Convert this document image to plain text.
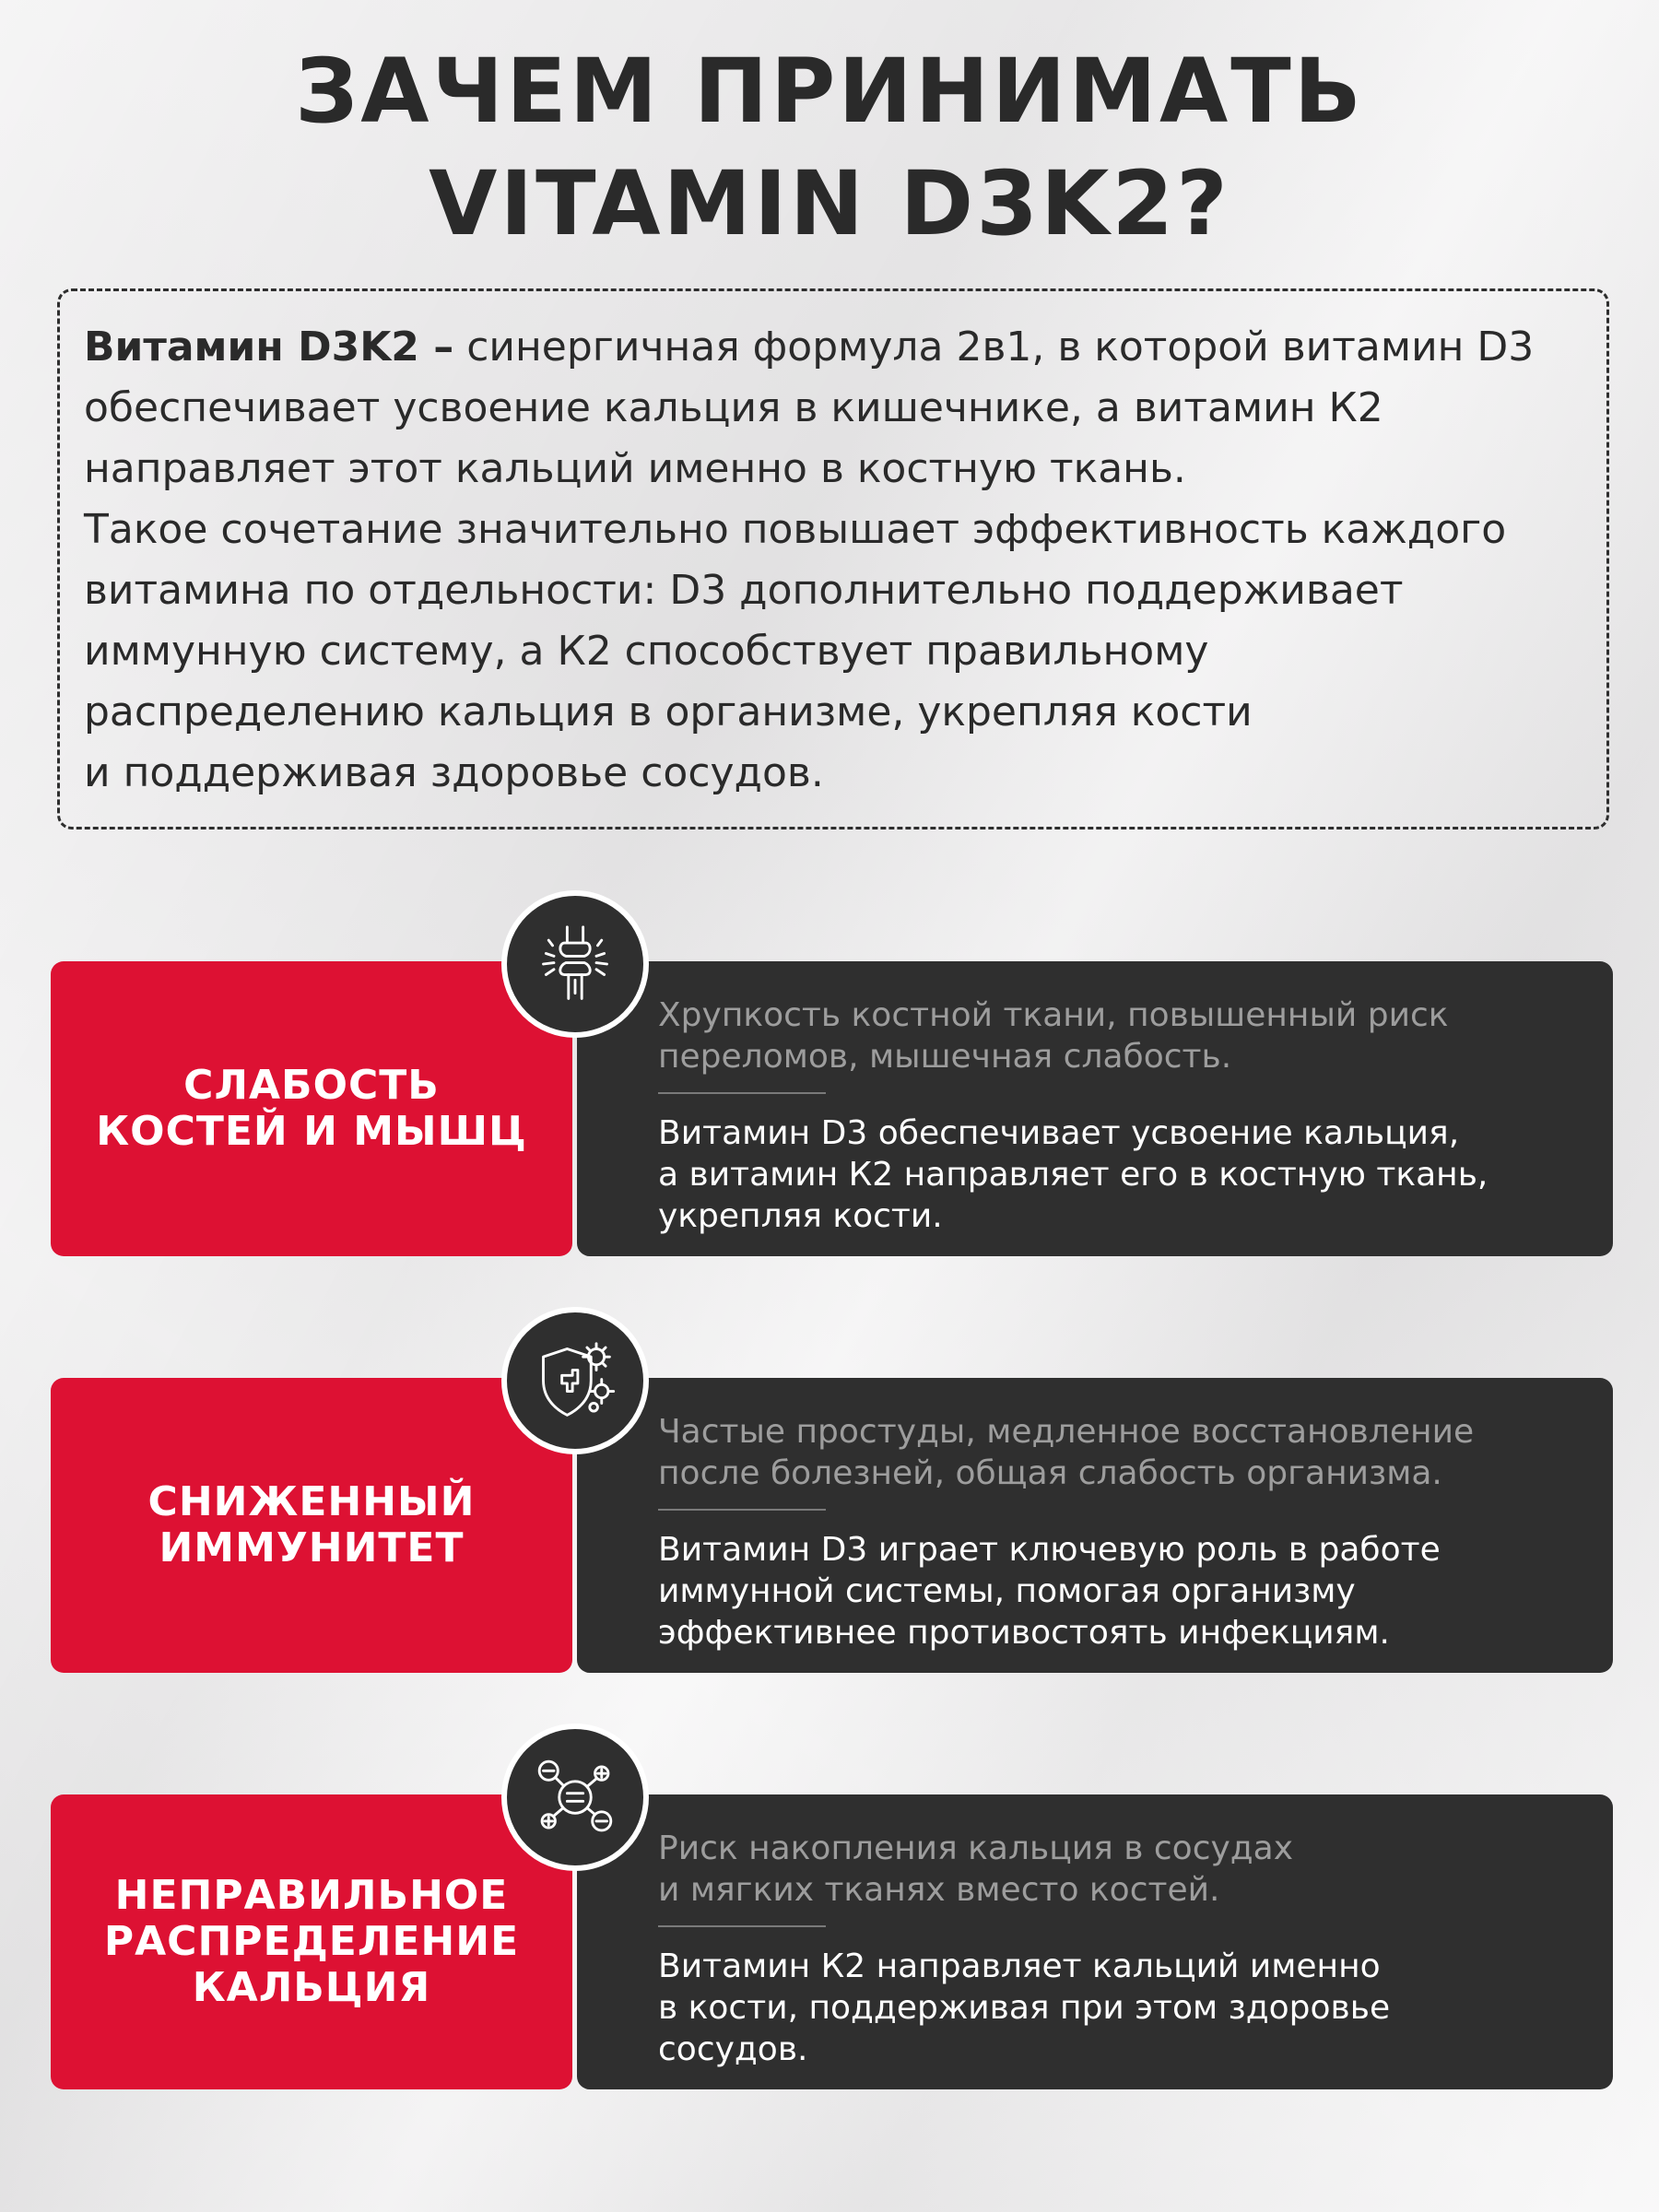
ЗАЧЕМ ПРИНИМАТЬ
VITAMIN D3K2?

Витамин D3K2 – синергичная формула 2в1, в которой витамин D3

обеспечивает усвоение кальция в кишечнике, а витамин К2

направляет этот кальций именно в костную ткань.

Такое сочетание значительно повышает эффективность каждого

витамина по отдельности: D3 дополнительно поддерживает

иммунную систему, а К2 способствует правильному

распределению кальция в организме, укрепляя кости

и поддерживая здоровье сосудов.

СЛАБОСТЬ
КОСТЕЙ И МЫШЦ

Хрупкость костной ткани, повышенный риск
переломов, мышечная слабость.

Витамин D3 обеспечивает усвоение кальция,
а витамин К2 направляет его в костную ткань,
укрепляя кости.

СНИЖЕННЫЙ
ИММУНИТЕТ

Частые простуды, медленное восстановление
после болезней, общая слабость организма.

Витамин D3 играет ключевую роль в работе
иммунной системы, помогая организму
эффективнее противостоять инфекциям.

НЕПРАВИЛЬНОЕ
РАСПРЕДЕЛЕНИЕ
КАЛЬЦИЯ

Риск накопления кальция в сосудах
и мягких тканях вместо костей.

Витамин К2 направляет кальций именно
в кости, поддерживая при этом здоровье
сосудов.
